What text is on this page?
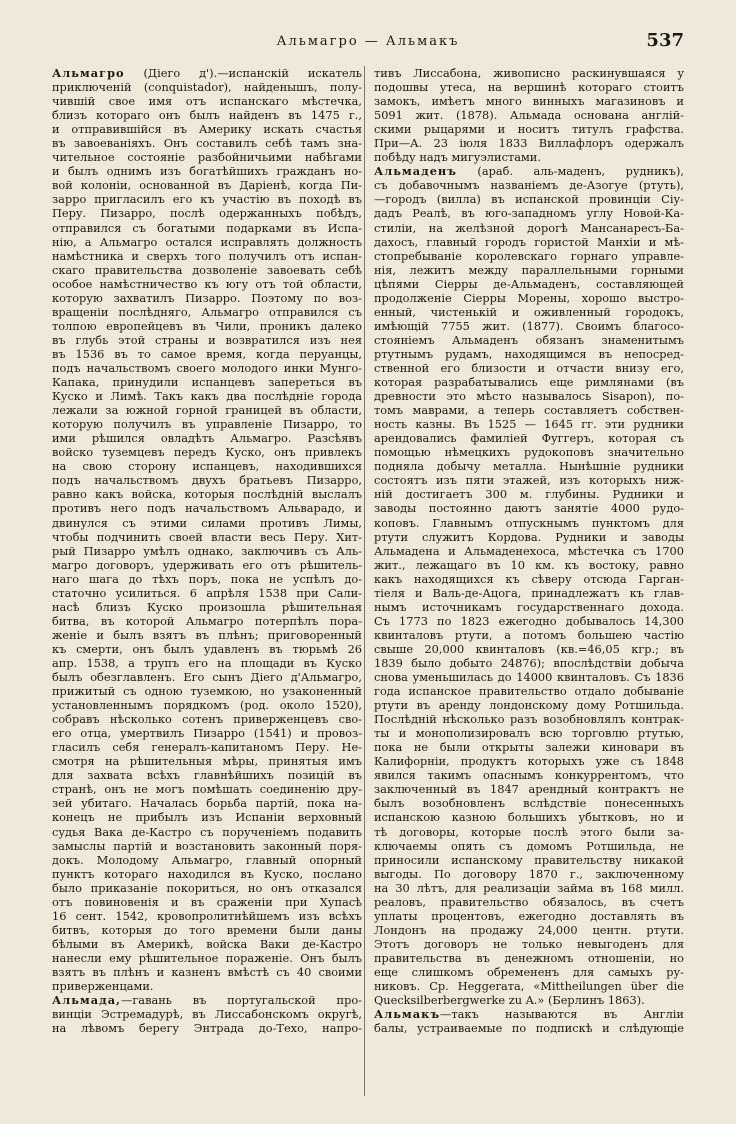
Альмагро — Альмакъ	537
Альмагро (Дiего д').—испанскій искатель
приключеній (conquistador), найденышъ, полу-
чившій свое имя отъ испанскаго мѣстечка,
близъ котораго онъ былъ найденъ въ 1475 г.,
и отправившійся въ Америку искать счастья
въ завоеваніяхъ. Онъ составилъ себѣ тамъ зна-
чительное состояніе разбойничьими набѣгами
и былъ однимъ изъ богатѣйшихъ гражданъ но-
вой колоніи, основанной въ Даріенѣ, когда Пи-
зарро пригласилъ его къ участію въ походѣ въ
Перу. Пизарро, послѣ одержанныхъ побѣдъ,
отправился съ богатыми подарками въ Испа-
нію, а Альмагро остался исправлять должность
намѣстника и сверхъ того получилъ отъ испан-
скаго правительства дозволеніе завоевать себѣ
особое намѣстничество къ югу отъ той области,
которую захватилъ Пизарро. Поэтому по воз-
вращеніи послѣдняго, Альмагро отправился съ
толпою европейцевъ въ Чили, проникъ далеко
въ глубь этой страны и возвратился изъ нея
въ 1536 въ то самое время, когда перуанцы,
подъ начальствомъ своего молодого инки Мунго-
Капака, принудили испанцевъ запереться въ
Куско и Лимѣ. Такъ какъ два послѣдніе города
лежали за южной горной границей въ области,
которую получилъ въ управленіе Пизарро, то
ими рѣшился овладѣть Альмагро. Разсѣявъ
войско туземцевъ передъ Куско, онъ привлекъ
на свою сторону испанцевъ, находившихся
подъ начальствомъ двухъ братьевъ Пизарро,
равно какъ войска, которыя послѣдній выслалъ
противъ него подъ начальствомъ Альварадо, и
двинулся съ этими силами противъ Лимы,
чтобы подчинить своей власти весь Перу. Хит-
рый Пизарро умѣлъ однако, заключивъ съ Аль-
магро договоръ, удерживать его отъ рѣшитель-
наго шага до тѣхъ поръ, пока не успѣлъ до-
статочно усилиться. 6 апрѣля 1538 при Сали-
насѣ близъ Куско произошла рѣшительная
битва, въ которой Альмагро потерпѣлъ пора-
женіе и былъ взятъ въ плѣнъ; приговоренный
къ смерти, онъ былъ удавленъ въ тюрьмѣ 26
апр. 1538, а трупъ его на площади въ Куско
былъ обезглавленъ. Его сынъ Дiего д'Альмагро,
прижитый съ одною туземкою, но узаконенный
установленнымъ порядкомъ (род. около 1520),
собравъ нѣсколько сотенъ приверженцевъ сво-
его отца, умертвилъ Пизарро (1541) и провоз-
гласилъ себя генералъ-капитаномъ Перу. Не-
смотря на рѣшительныя мѣры, принятыя имъ
для захвата всѣхъ главнѣйшихъ позицій въ
странѣ, онъ не могъ помѣшать соединенію дру-
зей убитаго. Началась борьба партій, пока на-
конецъ не прибылъ изъ Испаніи верховный
судья Вака де-Кастро съ порученіемъ подавить
замыслы партій и возстановить законный поря-
докъ. Молодому Альмагро, главный опорный
пунктъ котораго находился въ Куско, послано
было приказаніе покориться, но онъ отказался
отъ повиновенія и въ сраженіи при Хупасѣ
16 сент. 1542, кровопролитнѣйшемъ изъ всѣхъ
битвъ, которыя до того времени были даны
бѣлыми въ Америкѣ, войска Ваки де-Кастро
нанесли ему рѣшительное пораженіе. Онъ былъ
взятъ въ плѣнъ и казненъ вмѣстѣ съ 40 своими
приверженцами.
Альмада,—гавань въ португальской про-
винціи Эстремадурѣ, въ Лиссабонскомъ округѣ,
на лѣвомъ берегу Энтрада до-Техо, напро-
тивъ Лиссабона, живописно раскинувшаяся у
подошвы утеса, на вершинѣ котораго стоитъ
замокъ, имѣетъ много винныхъ магазиновъ и
5091 жит. (1878). Альмада основана англій-
скими рыцарями и носитъ титулъ графства.
При—А. 23 іюля 1833 Виллафлоръ одержалъ
побѣду надъ мигуэлистами.
Альмаденъ (араб. аль-маденъ, рудникъ),
съ добавочнымъ названіемъ де-Азогуе (ртуть),
—городъ (вилла) въ испанской провинціи Сіу-
дадъ Реалѣ, въ юго-западномъ углу Новой-Ка-
стиліи, на желѣзной дорогѣ Мансанаресъ-Ба-
дахосъ, главный городъ гористой Манхіи и мѣ-
стопребываніе королевскаго горнаго управле-
нія, лежитъ между параллельными горными
цѣпями Сіерры де-Альмаденъ, составляющей
продолженіе Сіерры Морены, хорошо выстро-
енный, чистенькій и оживленный городокъ,
имѣющій 7755 жит. (1877). Своимъ благосо-
стояніемъ Альмаденъ обязанъ знаменитымъ
ртутнымъ рудамъ, находящимся въ непосред-
ственной его близости и отчасти внизу его,
которая разрабатывались еще римлянами (въ
древности это мѣсто называлось Sisapon), по-
томъ маврами, а теперь составляетъ собствен-
ность казны. Въ 1525 — 1645 гг. эти рудники
арендовались фамиліей Фуггеръ, которая съ
помощью нѣмецкихъ рудокоповъ значительно
подняла добычу металла. Нынѣшніе рудники
состоятъ изъ пяти этажей, изъ которыхъ ниж-
ній достигаетъ 300 м. глубины. Рудники и
заводы постоянно даютъ занятіе 4000 рудо-
коповъ. Главнымъ отпускнымъ пунктомъ для
ртути служитъ Кордова. Рудники и заводы
Альмадена и Альмаденехоса, мѣстечка съ 1700
жит., лежащаго въ 10 км. къ востоку, равно
какъ находящихся къ сѣверу отсюда Гарган-
тіеля и Валь-де-Ацога, принадлежатъ къ глав-
нымъ источникамъ государственнаго дохода.
Съ 1773 по 1823 ежегодно добывалось 14,300
квинталовъ ртути, а потомъ большею частію
свыше 20,000 квинталовъ (кв.=46,05 кгр.; въ
1839 было добыто 24876); впослѣдствіи добыча
снова уменьшилась до 14000 квинталовъ. Съ 1836
года испанское правительство отдало добываніе
ртути въ аренду лондонскому дому Ротшильда.
Послѣдній нѣсколько разъ возобновлялъ контрак-
ты и монополизировалъ всю торговлю ртутью,
пока не были открыты залежи киновари въ
Калифорніи, продуктъ которыхъ уже съ 1848
явился такимъ опаснымъ конкуррентомъ, что
заключенный въ 1847 арендный контрактъ не
былъ возобновленъ вслѣдствіе понесенныхъ
испанскою казною большихъ убытковъ, но и
тѣ договоры, которые послѣ этого были за-
ключаемы опять съ домомъ Ротшильда, не
приносили испанскому правительству никакой
выгоды. По договору 1870 г., заключенному
на 30 лѣтъ, для реализаціи займа въ 168 милл.
реаловъ, правительство обязалось, въ счетъ
уплаты процентовъ, ежегодно доставлять въ
Лондонъ на продажу 24,000 центн. ртути.
Этотъ договоръ не только невыгоденъ для
правительства въ денежномъ отношеніи, но
еще слишкомъ обремененъ для самыхъ ру-
никовъ. Ср. Heggerата, «Mittheilungen über die
Quecksilberbergwerke zu A.» (Берлинъ 1863).
Альмакъ—такъ называются въ Англіи
балы, устраиваемые по подпискѣ и слѣдующіе
